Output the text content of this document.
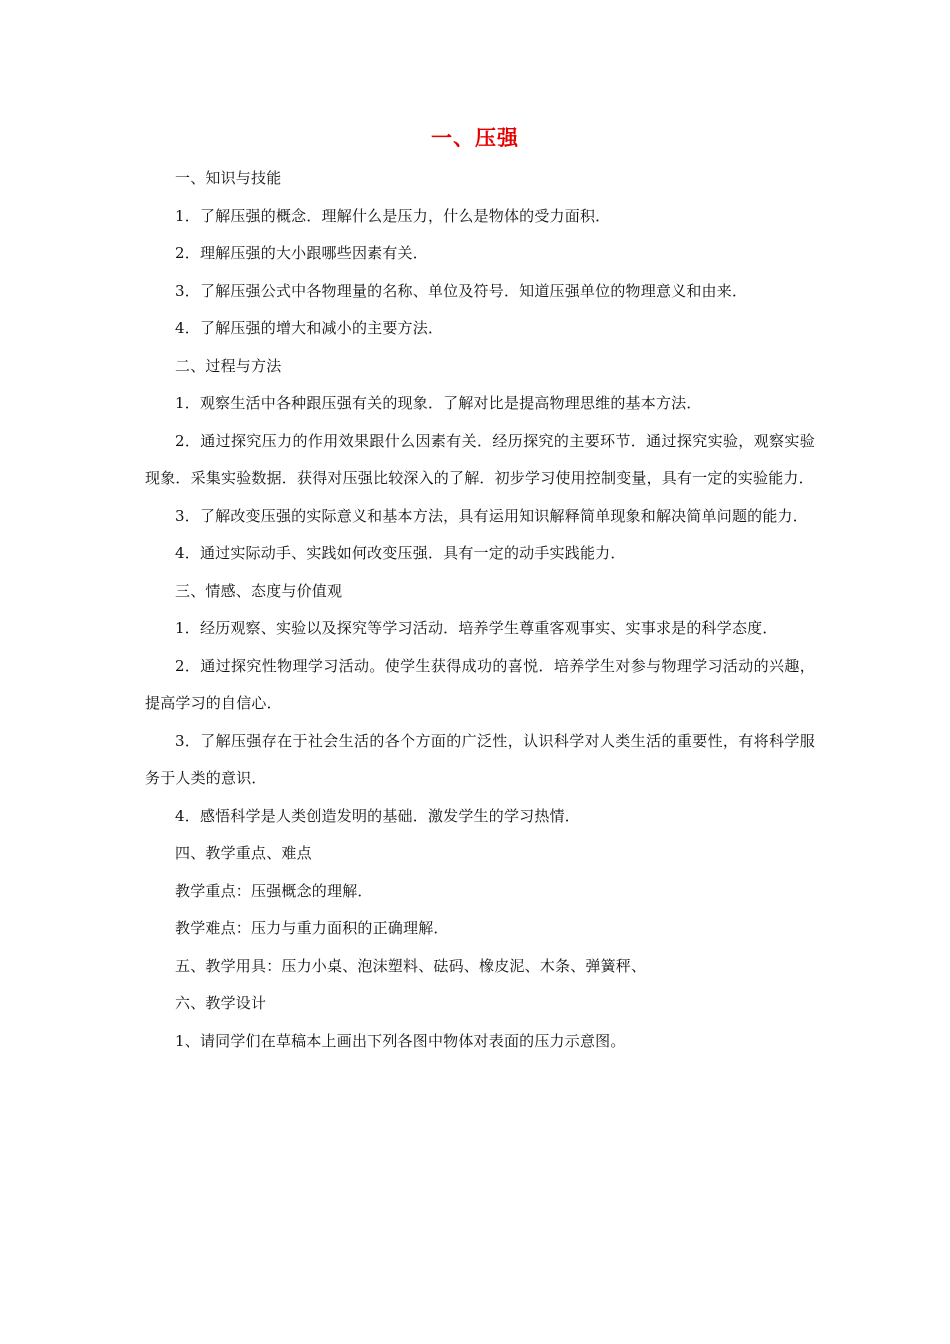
一、压强

一、知识与技能

1．了解压强的概念．理解什么是压力，什么是物体的受力面积．

2．理解压强的大小跟哪些因素有关．

3．了解压强公式中各物理量的名称、单位及符号．知道压强单位的物理意义和由来．

4．了解压强的增大和减小的主要方法．

二、过程与方法

1．观察生活中各种跟压强有关的现象．了解对比是提高物理思维的基本方法．

2．通过探究压力的作用效果跟什么因素有关．经历探究的主要环节．通过探究实验，观察实验现象．采集实验数据．获得对压强比较深入的了解．初步学习使用控制变量，具有一定的实验能力．

3．了解改变压强的实际意义和基本方法，具有运用知识解释简单现象和解决简单问题的能力．

4．通过实际动手、实践如何改变压强．具有一定的动手实践能力．

三、情感、态度与价值观

1．经历观察、实验以及探究等学习活动．培养学生尊重客观事实、实事求是的科学态度．

2．通过探究性物理学习活动。使学生获得成功的喜悦．培养学生对参与物理学习活动的兴趣，提高学习的自信心．

3．了解压强存在于社会生活的各个方面的广泛性，认识科学对人类生活的重要性，有将科学服务于人类的意识．

4．感悟科学是人类创造发明的基础．激发学生的学习热情．

四、教学重点、难点

教学重点：压强概念的理解．

教学难点：压力与重力面积的正确理解．

五、教学用具：压力小桌、泡沫塑料、砝码、橡皮泥、木条、弹簧秤、

六、教学设计

1、请同学们在草稿本上画出下列各图中物体对表面的压力示意图。
